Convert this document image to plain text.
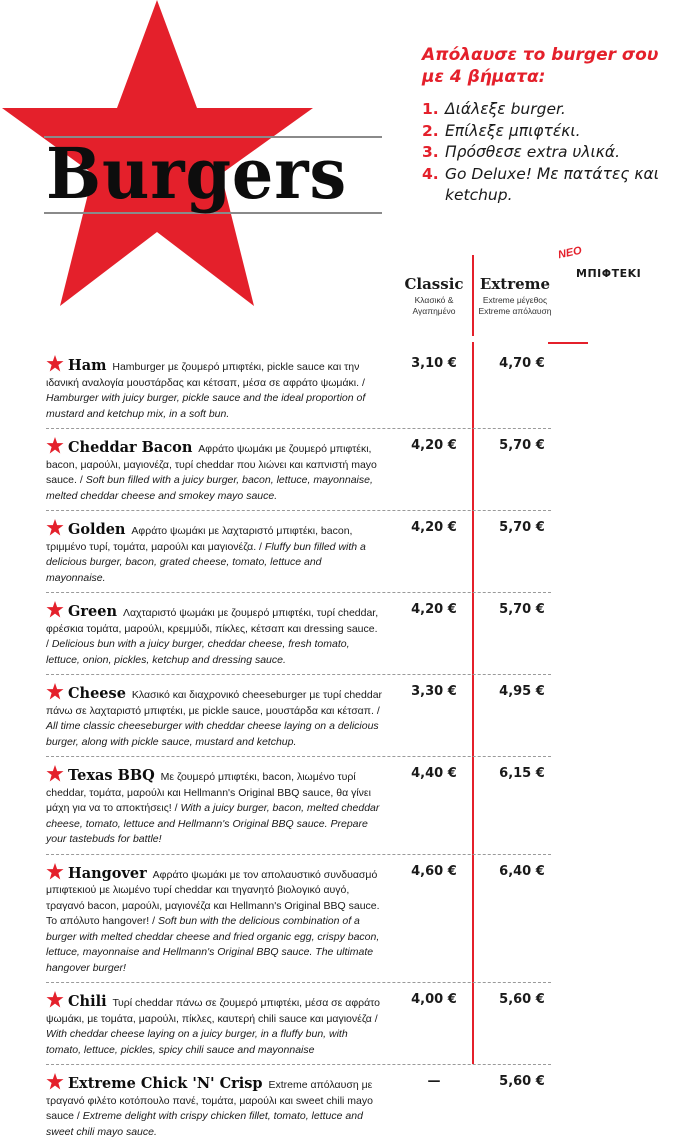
Burgers
Απόλαυσε το burger σου με 4 βήματα:
1. Διάλεξε burger.
2. Επίλεξε μπιφτέκι.
3. Πρόσθεσε extra υλικά.
4. Go Deluxe! Με πατάτες και ketchup.
ΝΕΟ
ΜΠΙΦΤΕΚΙ
Classic
Κλασικό & Αγαπημένο
Extreme
Extreme μέγεθος Extreme απόλαυση
Ham Hamburger με ζουμερό μπιφτέκι, pickle sauce και την ιδανική αναλογία μουστάρδας και κέτσαπ, μέσα σε αφράτο ψωμάκι. / Hamburger with juicy burger, pickle sauce and the ideal proportion of mustard and ketchup mix, in a soft bun.
3,10 €	4,70 €
Cheddar Bacon Αφράτο ψωμάκι με ζουμερό μπιφτέκι, bacon, μαρούλι, μαγιονέζα, τυρί cheddar που λιώνει και καπνιστή mayo sauce. / Soft bun filled with a juicy burger, bacon, lettuce, mayonnaise, melted cheddar cheese and smokey mayo sauce.
4,20 €	5,70 €
Golden Αφράτο ψωμάκι με λαχταριστό μπιφτέκι, bacon, τριμμένο τυρί, τομάτα, μαρούλι και μαγιονέζα. / Fluffy bun filled with a delicious burger, bacon, grated cheese, tomato, lettuce and mayonnaise.
4,20 €	5,70 €
Green Λαχταριστό ψωμάκι με ζουμερό μπιφτέκι, τυρί cheddar, φρέσκια τομάτα, μαρούλι, κρεμμύδι, πίκλες, κέτσαπ και dressing sauce. / Delicious bun with a juicy burger, cheddar cheese, fresh tomato, lettuce, onion, pickles, ketchup and dressing sauce.
4,20 €	5,70 €
Cheese Κλασικό και διαχρονικό cheeseburger με τυρί cheddar πάνω σε λαχταριστό μπιφτέκι, με pickle sauce, μουστάρδα και κέτσαπ. / All time classic cheeseburger with cheddar cheese laying on a delicious burger, along with pickle sauce, mustard and ketchup.
3,30 €	4,95 €
Texas BBQ Με ζουμερό μπιφτέκι, bacon, λιωμένο τυρί cheddar, τομάτα, μαρούλι και Hellmann's Original BBQ sauce, θα γίνει μάχη για να το αποκτήσεις! / With a juicy burger, bacon, melted cheddar cheese, tomato, lettuce and Hellmann's Original BBQ sauce. Prepare your tastebuds for battle!
4,40 €	6,15 €
Hangover Αφράτο ψωμάκι με τον απολαυστικό συνδυασμό μπιφτεκιού με λιωμένο τυρί cheddar και τηγανητό βιολογικό αυγό, τραγανό bacon, μαρούλι, μαγιονέζα και Hellmann's Original BBQ sauce. Το απόλυτο hangover! / Soft bun with the delicious combination of a burger with melted cheddar cheese and fried organic egg, crispy bacon, lettuce, mayonnaise and Hellmann's Original BBQ sauce. The ultimate hangover burger!
4,60 €	6,40 €
Chili Τυρί cheddar πάνω σε ζουμερό μπιφτέκι, μέσα σε αφράτο ψωμάκι, με τομάτα, μαρούλι, πίκλες, καυτερή chili sauce και μαγιονέζα / With cheddar cheese laying on a juicy burger, in a fluffy bun, with tomato, lettuce, pickles, spicy chili sauce and mayonnaise
4,00 €	5,60 €
Extreme Chick 'N' Crisp Extreme απόλαυση με τραγανό φιλέτο κοτόπουλο πανέ, τομάτα, μαρούλι και sweet chili mayo sauce / Extreme delight with crispy chicken fillet, tomato, lettuce and sweet chili mayo sauce.
—	5,60 €
